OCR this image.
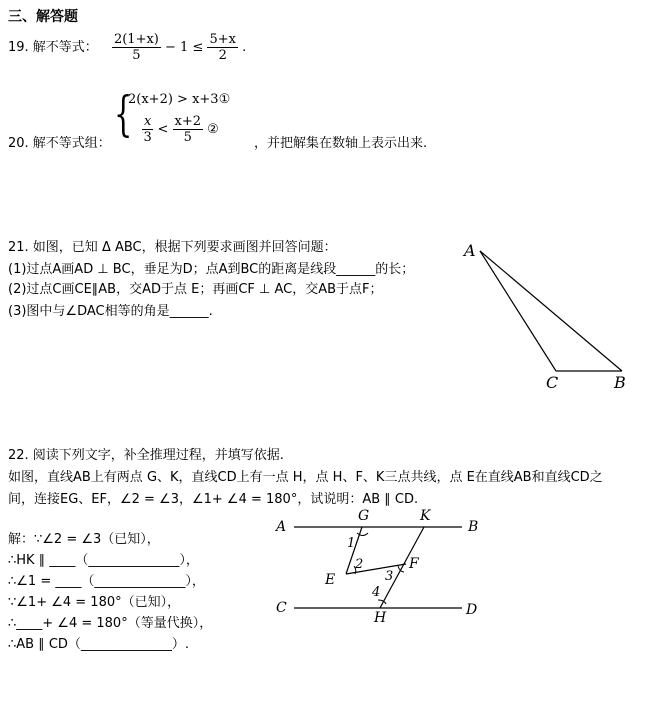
三、解答题
19. 解不等式： $\frac{2(1+x)}{5} - 1 \le \frac{5+x}{2}$ .
20. 解不等式组：
{
2(x+2) > x+3①
$\frac{x}{3} < \frac{x+2}{5}$ ②
，并把解集在数轴上表示出来.
21. 如图，已知 Δ ABC，根据下列要求画图并回答问题：
(1)过点A画AD ⊥ BC，垂足为D；点A到BC的距离是线段______的长；
(2)过点C画CE∥AB，交AD于点 E；再画CF ⊥ AC，交AB于点F；
(3)图中与∠DAC相等的角是______.
A
C	B
22. 阅读下列文字，补全推理过程，并填写依据.
如图，直线AB上有两点 G、K，直线CD上有一点 H，点 H、F、K三点共线，点 E在直线AB和直线CD之
间，连接EG、EF，∠2 = ∠3，∠1+ ∠4 = 180°，试说明：AB ∥ CD.
解：∵∠2 = ∠3（已知），
∴HK ∥ ____（______________），
∴∠1 = ____（______________），
∵∠1+ ∠4 = 180°（已知），
∴____+ ∠4 = 180°（等量代换），
∴AB ∥ CD（______________）.
A	B
C	D
G	K
E
F
H
1
2
3
4
